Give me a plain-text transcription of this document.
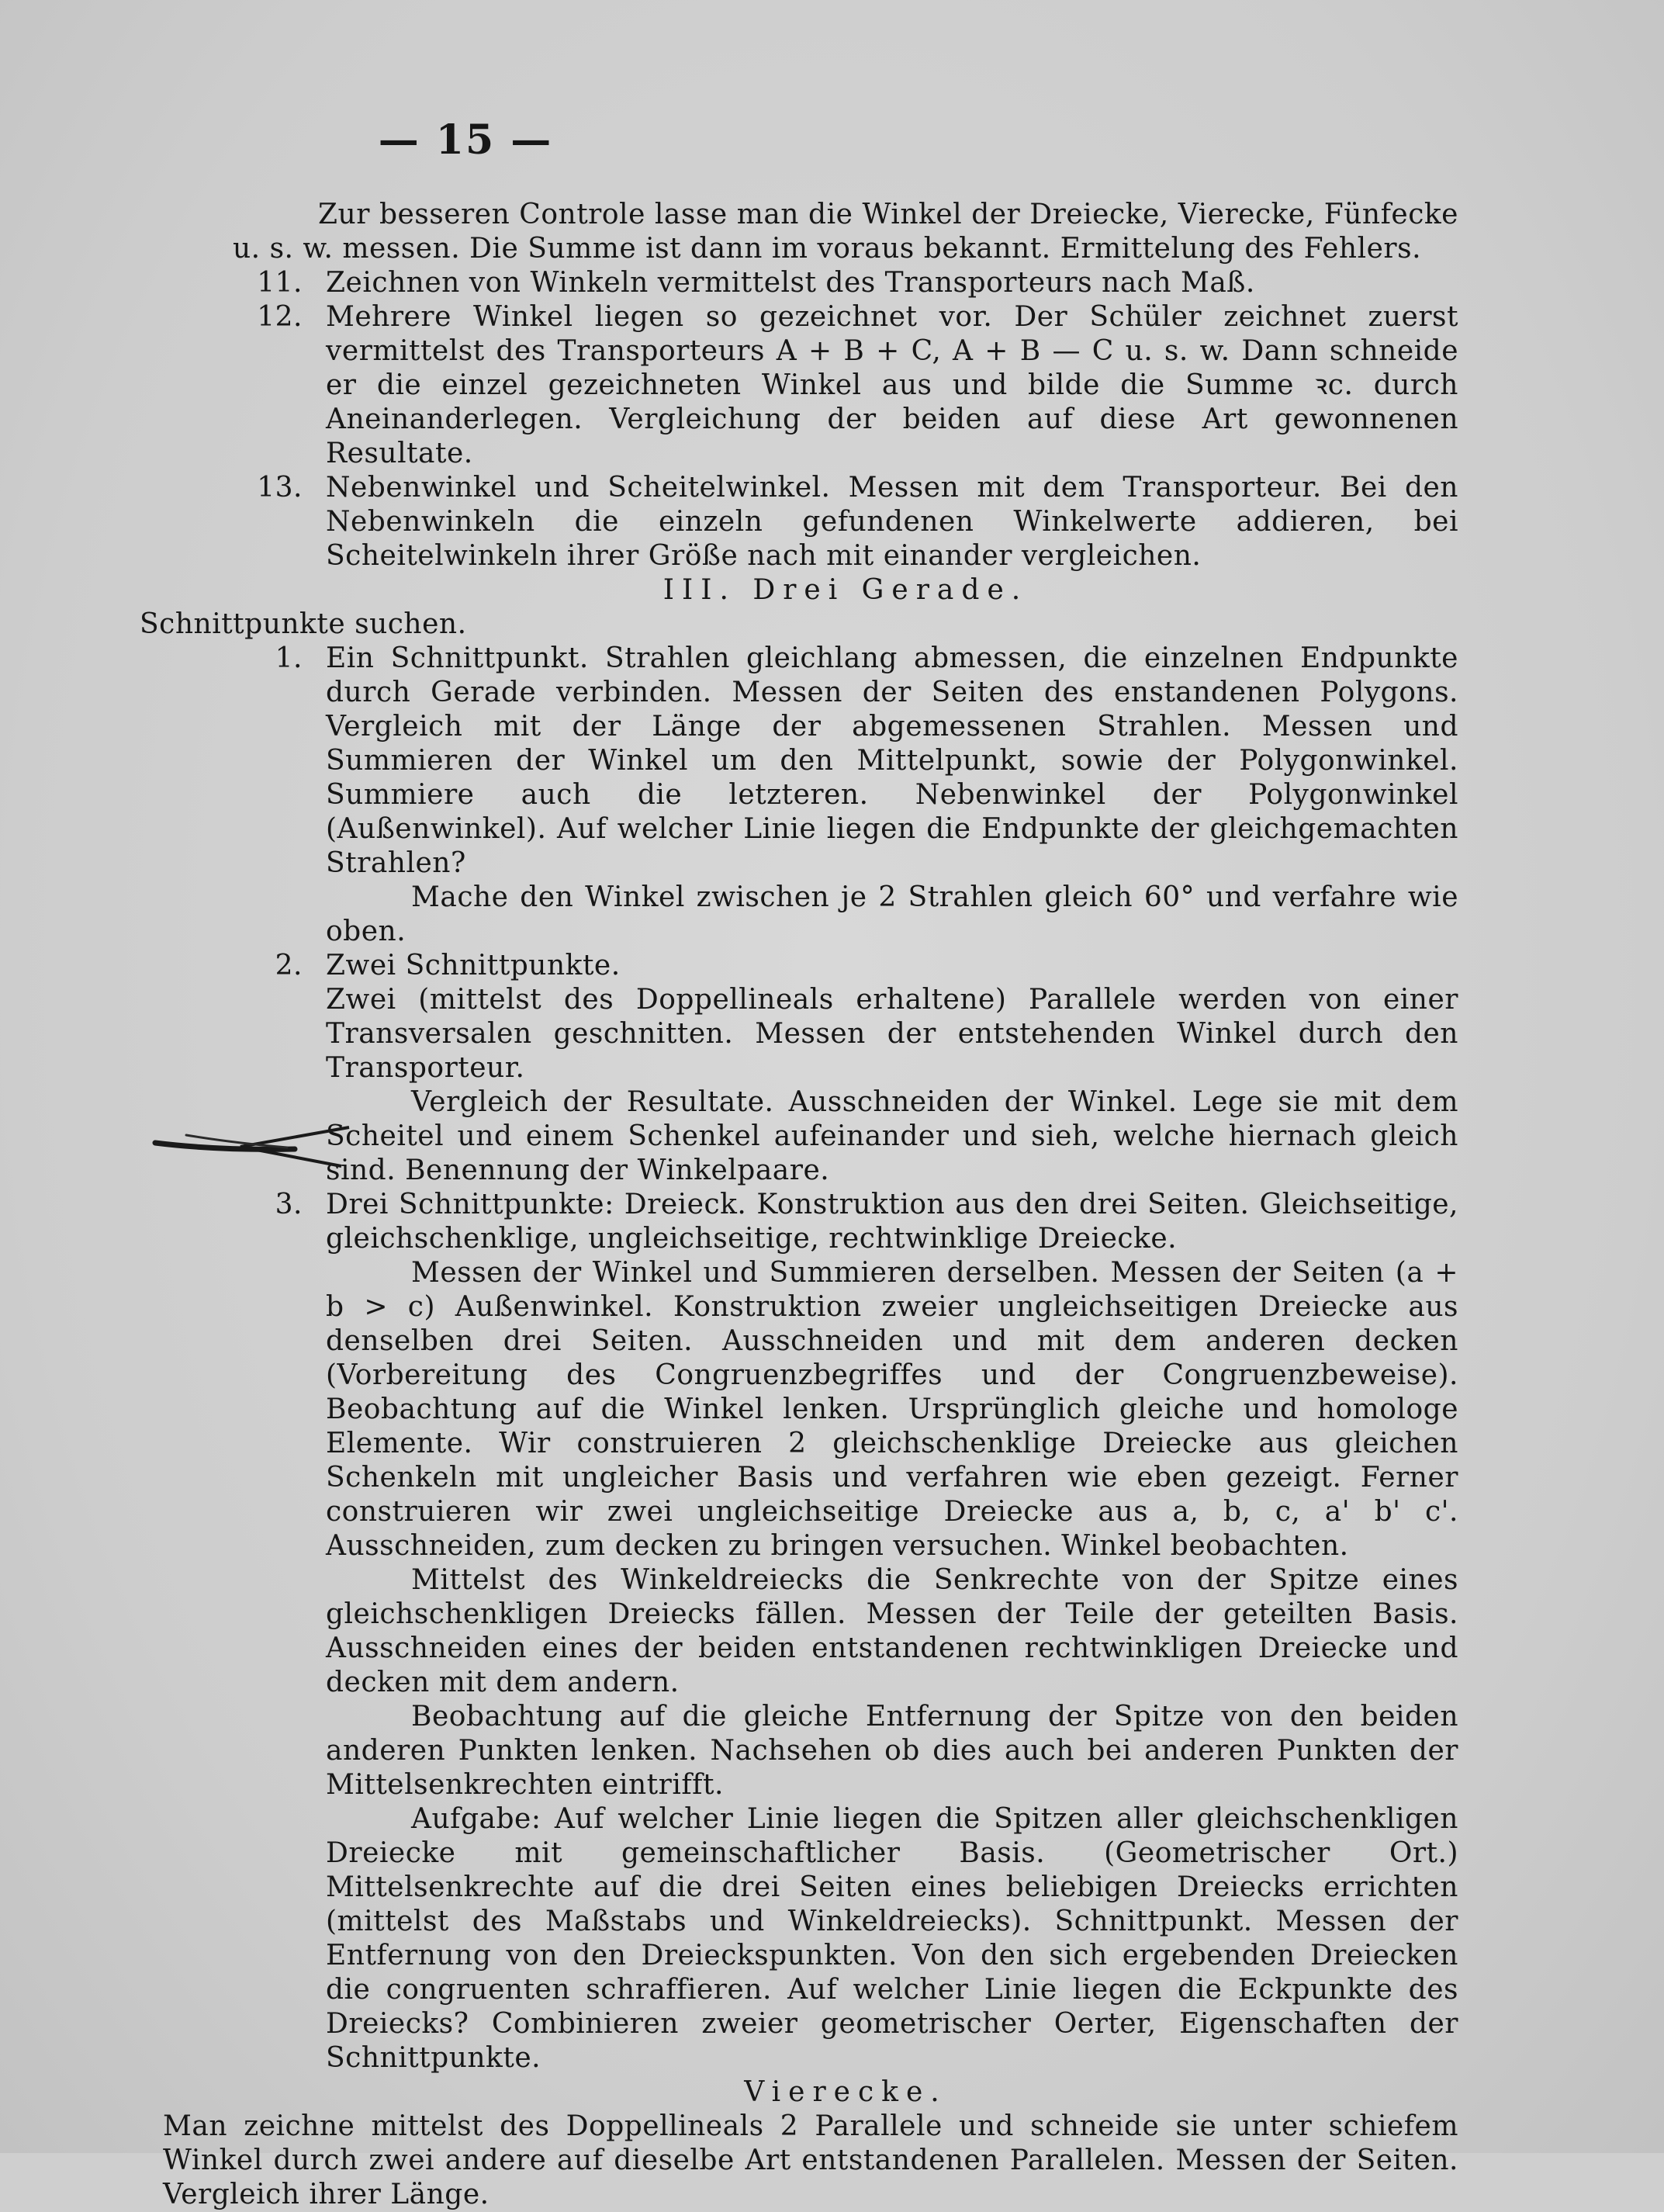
— 15 —

Zur besseren Controle lasse man die Winkel der Dreiecke, Vierecke, Fünfecke u. s. w. messen. Die Summe ist dann im voraus bekannt. Ermittelung des Fehlers.

11. Zeichnen von Winkeln vermittelst des Transporteurs nach Maß.
12. Mehrere Winkel liegen so gezeichnet vor. Der Schüler zeichnet zuerst vermittelst des Transporteurs A + B + C, A + B — C u. s. w. Dann schneide er die einzel gezeichneten Winkel aus und bilde die Summe ꝛc. durch Aneinanderlegen. Vergleichung der beiden auf diese Art gewonnenen Resultate.
13. Nebenwinkel und Scheitelwinkel. Messen mit dem Transporteur. Bei den Nebenwinkeln die einzeln gefundenen Winkelwerte addieren, bei Scheitelwinkeln ihrer Größe nach mit einander vergleichen.

III. Drei Gerade.

Schnittpunkte suchen.

1. Ein Schnittpunkt. Strahlen gleichlang abmessen, die einzelnen Endpunkte durch Gerade verbinden. Messen der Seiten des enstandenen Polygons. Vergleich mit der Länge der abgemessenen Strahlen. Messen und Summieren der Winkel um den Mittelpunkt, sowie der Polygonwinkel. Summiere auch die letzteren. Nebenwinkel der Polygonwinkel (Außenwinkel). Auf welcher Linie liegen die Endpunkte der gleichgemachten Strahlen?

Mache den Winkel zwischen je 2 Strahlen gleich 60° und verfahre wie oben.

2. Zwei Schnittpunkte.

Zwei (mittelst des Doppellineals erhaltene) Parallele werden von einer Transversalen geschnitten. Messen der entstehenden Winkel durch den Transporteur.

Vergleich der Resultate. Ausschneiden der Winkel. Lege sie mit dem Scheitel und einem Schenkel aufeinander und sieh, welche hiernach gleich sind. Benennung der Winkelpaare.

3. Drei Schnittpunkte: Dreieck. Konstruktion aus den drei Seiten. Gleichseitige, gleichschenklige, ungleichseitige, rechtwinklige Dreiecke.

Messen der Winkel und Summieren derselben. Messen der Seiten (a + b > c) Außenwinkel. Konstruktion zweier ungleichseitigen Dreiecke aus denselben drei Seiten. Ausschneiden und mit dem anderen decken (Vorbereitung des Congruenzbegriffes und der Congruenzbeweise). Beobachtung auf die Winkel lenken. Ursprünglich gleiche und homologe Elemente. Wir construieren 2 gleichschenklige Dreiecke aus gleichen Schenkeln mit ungleicher Basis und verfahren wie eben gezeigt. Ferner construieren wir zwei ungleichseitige Dreiecke aus a, b, c, a' b' c'. Ausschneiden, zum decken zu bringen versuchen. Winkel beobachten.

Mittelst des Winkeldreiecks die Senkrechte von der Spitze eines gleichschenkligen Dreiecks fällen. Messen der Teile der geteilten Basis. Ausschneiden eines der beiden entstandenen rechtwinkligen Dreiecke und decken mit dem andern.

Beobachtung auf die gleiche Entfernung der Spitze von den beiden anderen Punkten lenken. Nachsehen ob dies auch bei anderen Punkten der Mittelsenkrechten eintrifft.

Aufgabe: Auf welcher Linie liegen die Spitzen aller gleichschenkligen Dreiecke mit gemeinschaftlicher Basis. (Geometrischer Ort.) Mittelsenkrechte auf die drei Seiten eines beliebigen Dreiecks errichten (mittelst des Maßstabs und Winkeldreiecks). Schnittpunkt. Messen der Entfernung von den Dreieckspunkten. Von den sich ergebenden Dreiecken die congruenten schraffieren. Auf welcher Linie liegen die Eckpunkte des Dreiecks? Combinieren zweier geometrischer Oerter, Eigenschaften der Schnittpunkte.

Vierecke.

Man zeichne mittelst des Doppellineals 2 Parallele und schneide sie unter schiefem Winkel durch zwei andere auf dieselbe Art entstandenen Parallelen. Messen der Seiten. Vergleich ihrer Länge.
